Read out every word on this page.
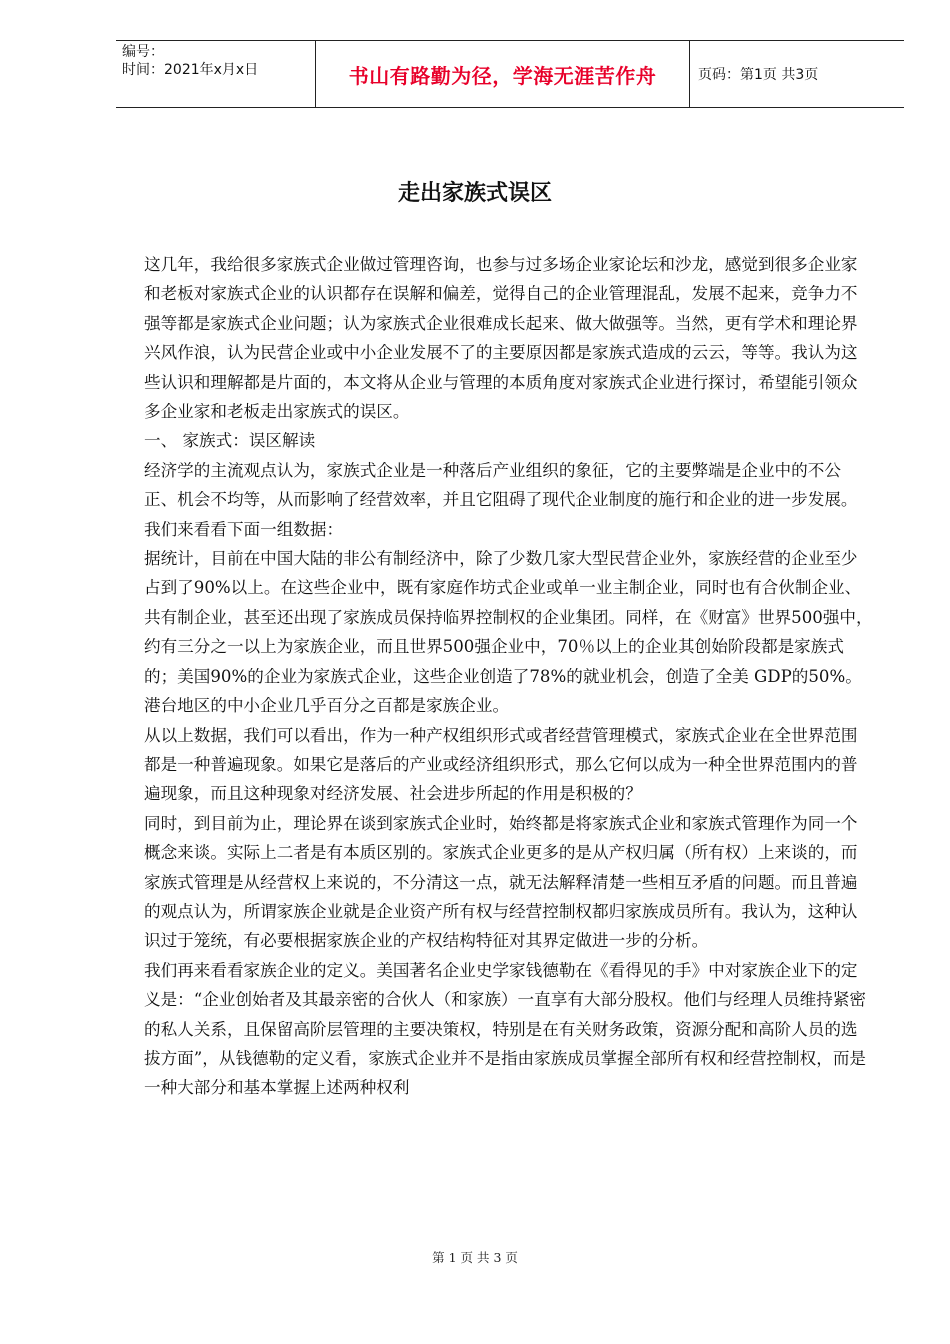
编号：
时间：2021年x月x日	书山有路勤为径，学海无涯苦作舟	页码：第1页 共3页
走出家族式误区

这几年，我给很多家族式企业做过管理咨询，也参与过多场企业家论坛和沙龙，感觉到很多企业家和老板对家族式企业的认识都存在误解和偏差，觉得自己的企业管理混乱，发展不起来，竞争力不强等都是家族式企业问题；认为家族式企业很难成长起来、做大做强等。当然，更有学术和理论界兴风作浪，认为民营企业或中小企业发展不了的主要原因都是家族式造成的云云，等等。我认为这些认识和理解都是片面的，本文将从企业与管理的本质角度对家族式企业进行探讨，希望能引领众多企业家和老板走出家族式的误区。

一、 家族式：误区解读

经济学的主流观点认为，家族式企业是一种落后产业组织的象征，它的主要弊端是企业中的不公正、机会不均等，从而影响了经营效率，并且它阻碍了现代企业制度的施行和企业的进一步发展。

我们来看看下面一组数据：

据统计，目前在中国大陆的非公有制经济中，除了少数几家大型民营企业外，家族经营的企业至少占到了90%以上。在这些企业中，既有家庭作坊式企业或单一业主制企业，同时也有合伙制企业、共有制企业，甚至还出现了家族成员保持临界控制权的企业集团。同样，在《财富》世界500强中，约有三分之一以上为家族企业，而且世界500强企业中，70％以上的企业其创始阶段都是家族式的；美国90%的企业为家族式企业，这些企业创造了78%的就业机会，创造了全美 GDP的50%。港台地区的中小企业几乎百分之百都是家族企业。

从以上数据，我们可以看出，作为一种产权组织形式或者经营管理模式，家族式企业在全世界范围都是一种普遍现象。如果它是落后的产业或经济组织形式，那么它何以成为一种全世界范围内的普遍现象，而且这种现象对经济发展、社会进步所起的作用是积极的？

同时，到目前为止，理论界在谈到家族式企业时，始终都是将家族式企业和家族式管理作为同一个概念来谈。实际上二者是有本质区别的。家族式企业更多的是从产权归属（所有权）上来谈的，而家族式管理是从经营权上来说的，不分清这一点，就无法解释清楚一些相互矛盾的问题。而且普遍的观点认为，所谓家族企业就是企业资产所有权与经营控制权都归家族成员所有。我认为，这种认识过于笼统，有必要根据家族企业的产权结构特征对其界定做进一步的分析。

我们再来看看家族企业的定义。美国著名企业史学家钱德勒在《看得见的手》中对家族企业下的定义是：“企业创始者及其最亲密的合伙人（和家族）一直享有大部分股权。他们与经理人员维持紧密的私人关系，且保留高阶层管理的主要决策权，特别是在有关财务政策，资源分配和高阶人员的选拔方面”，从钱德勒的定义看，家族式企业并不是指由家族成员掌握全部所有权和经营控制权，而是一种大部分和基本掌握上述两种权利

第 1 页 共 3 页
